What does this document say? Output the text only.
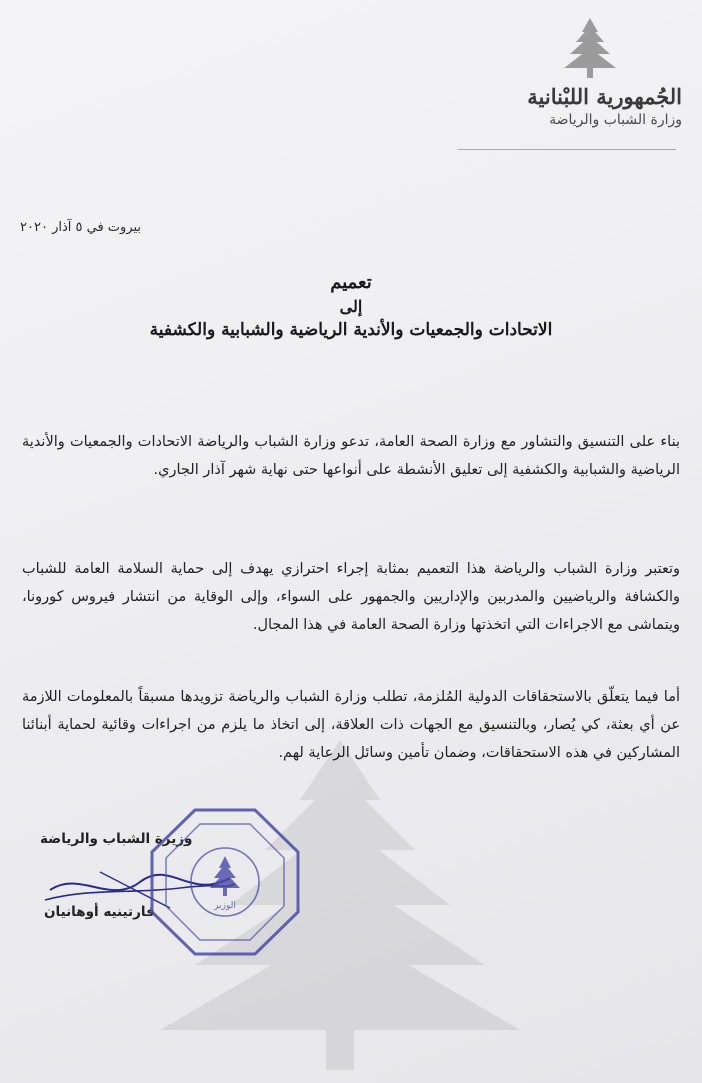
الجُمهورية اللبْنانية
وزارة الشباب والرياضة
بيروت في ٥ آذار ٢٠٢٠
تعميم
إلى
الاتحادات والجمعيات والأندية الرياضية والشبابية والكشفية
بناء على التنسيق والتشاور مع وزارة الصحة العامة، تدعو وزارة الشباب والرياضة الاتحادات والجمعيات والأندية الرياضية والشبابية والكشفية إلى تعليق الأنشطة على أنواعها حتى نهاية شهر آذار الجاري.
وتعتبر وزارة الشباب والرياضة هذا التعميم بمثابة إجراء احترازي يهدف إلى حماية السلامة العامة للشباب والكشافة والرياضيين والمدربين والإداريين والجمهور على السواء، وإلى الوقاية من انتشار فيروس كورونا، ويتماشى مع الاجراءات التي اتخذتها وزارة الصحة العامة في هذا المجال.
أما فيما يتعلّق بالاستحقاقات الدولية المُلزمة، تطلب وزارة الشباب والرياضة تزويدها مسبقاً بالمعلومات اللازمة عن أي بعثة، كي يُصار، وبالتنسيق مع الجهات ذات العلاقة، إلى اتخاذ ما يلزم من اجراءات وقائية لحماية أبنائنا المشاركين في هذه الاستحقاقات، وضمان تأمين وسائل الرعاية لهم.
وزيرة الشباب والرياضة
فارتينيه أوهانيان	الوزير
